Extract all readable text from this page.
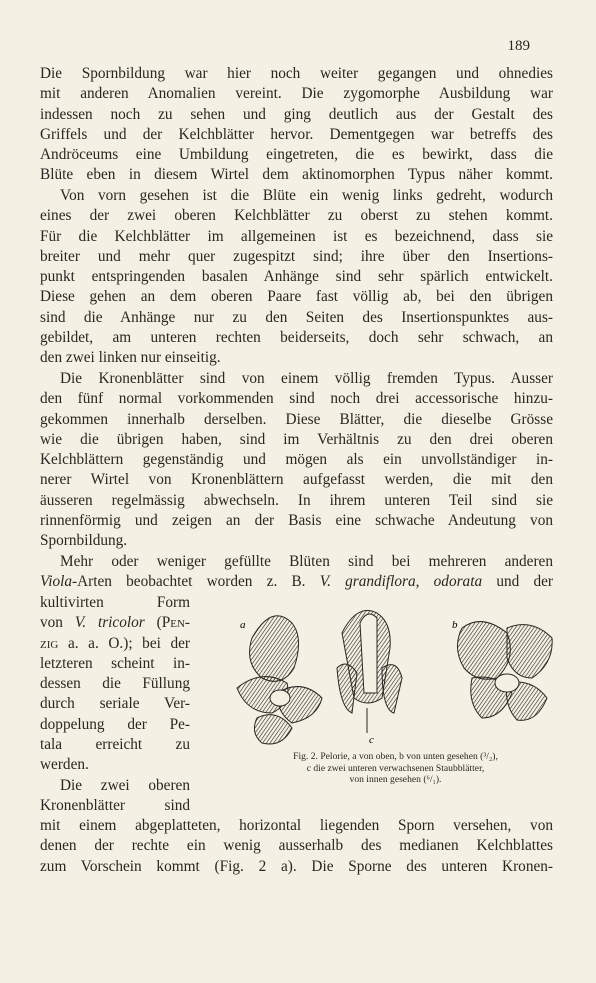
189
Die Spornbildung war hier noch weiter gegangen und ohnedies
mit anderen Anomalien vereint. Die zygomorphe Ausbildung war
indessen noch zu sehen und ging deutlich aus der Gestalt des
Griffels und der Kelchblätter hervor. Dementgegen war betreffs des
Andröceums eine Umbildung eingetreten, die es bewirkt, dass die
Blüte eben in diesem Wirtel dem aktinomorphen Typus näher kommt.
Von vorn gesehen ist die Blüte ein wenig links gedreht, wodurch
eines der zwei oberen Kelchblätter zu oberst zu stehen kommt.
Für die Kelchblätter im allgemeinen ist es bezeichnend, dass sie
breiter und mehr quer zugespitzt sind; ihre über den Insertions-
punkt entspringenden basalen Anhänge sind sehr spärlich entwickelt.
Diese gehen an dem oberen Paare fast völlig ab, bei den übrigen
sind die Anhänge nur zu den Seiten des Insertionspunktes aus-
gebildet, am unteren rechten beiderseits, doch sehr schwach, an
den zwei linken nur einseitig.
Die Kronenblätter sind von einem völlig fremden Typus. Ausser
den fünf normal vorkommenden sind noch drei accessorische hinzu-
gekommen innerhalb derselben. Diese Blätter, die dieselbe Grösse
wie die übrigen haben, sind im Verhältnis zu den drei oberen
Kelchblättern gegenständig und mögen als ein unvollständiger in-
nerer Wirtel von Kronenblättern aufgefasst werden, die mit den
äusseren regelmässig abwechseln. In ihrem unteren Teil sind sie
rinnenförmig und zeigen an der Basis eine schwache Andeutung von
Spornbildung.
Mehr oder weniger gefüllte Blüten sind bei mehreren anderen
Viola-Arten beobachtet worden z. B. V. grandiflora, odorata und der
kultivirten Form
von V. tricolor (Pen-
zig a. a. O.); bei der
letzteren scheint in-
dessen die Füllung
durch seriale Ver-
doppelung der Pe-
tala erreicht zu
werden.
Die zwei oberen
Kronenblätter sind
a
c
b
Fig. 2. Pelorie, a von oben, b von unten gesehen (³/₂),
c die zwei unteren verwachsenen Staubblätter,
von innen gesehen (⁶/₁).
mit einem abgeplatteten, horizontal liegenden Sporn versehen, von
denen der rechte ein wenig ausserhalb des medianen Kelchblattes
zum Vorschein kommt (Fig. 2 a). Die Sporne des unteren Kronen-
